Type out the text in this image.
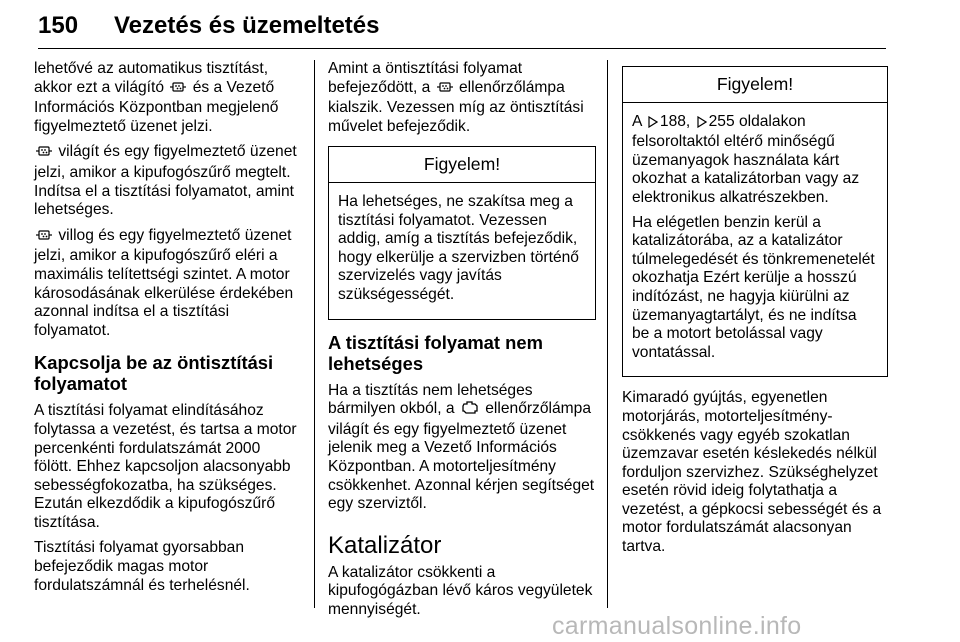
150 Vezetés és üzemeltetés

lehetővé az automatikus tisztítást, akkor ezt a világító és a Vezető Információs Központban megjelenő figyelmeztető üzenet jelzi.

világít és egy figyelmeztető üzenet jelzi, amikor a kipufogószűrő megtelt. Indítsa el a tisztítási folyamatot, amint lehetséges.

villog és egy figyelmeztető üzenet jelzi, amikor a kipufogószűrő eléri a maximális telítettségi szintet. A motor károsodásának elkerülése érdekében azonnal indítsa el a tisztítási folyamatot.

Kapcsolja be az öntisztítási folyamatot

A tisztítási folyamat elindításához folytassa a vezetést, és tartsa a motor percenkénti fordulatszámát 2000 fölött. Ehhez kapcsoljon alacsonyabb sebességfokozatba, ha szükséges. Ezután elkezdődik a kipufogószűrő tisztítása.

Tisztítási folyamat gyorsabban befejeződik magas motor fordulatszámnál és terhelésnél.

Amint a öntisztítási folyamat befejeződött, a ellenőrzőlámpa kialszik. Vezessen míg az öntisztítási művelet befejeződik.

Figyelem!

Ha lehetséges, ne szakítsa meg a tisztítási folyamatot. Vezessen addig, amíg a tisztítás befejeződik, hogy elkerülje a szervizben történő szervizelés vagy javítás szükségességét.

A tisztítási folyamat nem lehetséges

Ha a tisztítás nem lehetséges bármilyen okból, a ellenőrzőlámpa világít és egy figyelmeztető üzenet jelenik meg a Vezető Információs Központban. A motorteljesítmény csökkenhet. Azonnal kérjen segítséget egy szerviztől.

Katalizátor

A katalizátor csökkenti a kipufogógázban lévő káros vegyületek mennyiségét.

Figyelem!

A 188, 255 oldalakon felsoroltaktól eltérő minőségű üzemanyagok használata kárt okozhat a katalizátorban vagy az elektronikus alkatrészekben.

Ha elégetlen benzin kerül a katalizátorába, az a katalizátor túlmelegedését és tönkremenetelét okozhatja Ezért kerülje a hosszú indítózást, ne hagyja kiürülni az üzemanyagtartályt, és ne indítsa be a motort betolással vagy vontatással.

Kimaradó gyújtás, egyenetlen motorjárás, motorteljesítmény-csökkenés vagy egyéb szokatlan üzemzavar esetén késlekedés nélkül forduljon szervizhez. Szükséghelyzet esetén rövid ideig folytathatja a vezetést, a gépkocsi sebességét és a motor fordulatszámát alacsonyan tartva.

carmanualsonline.info
